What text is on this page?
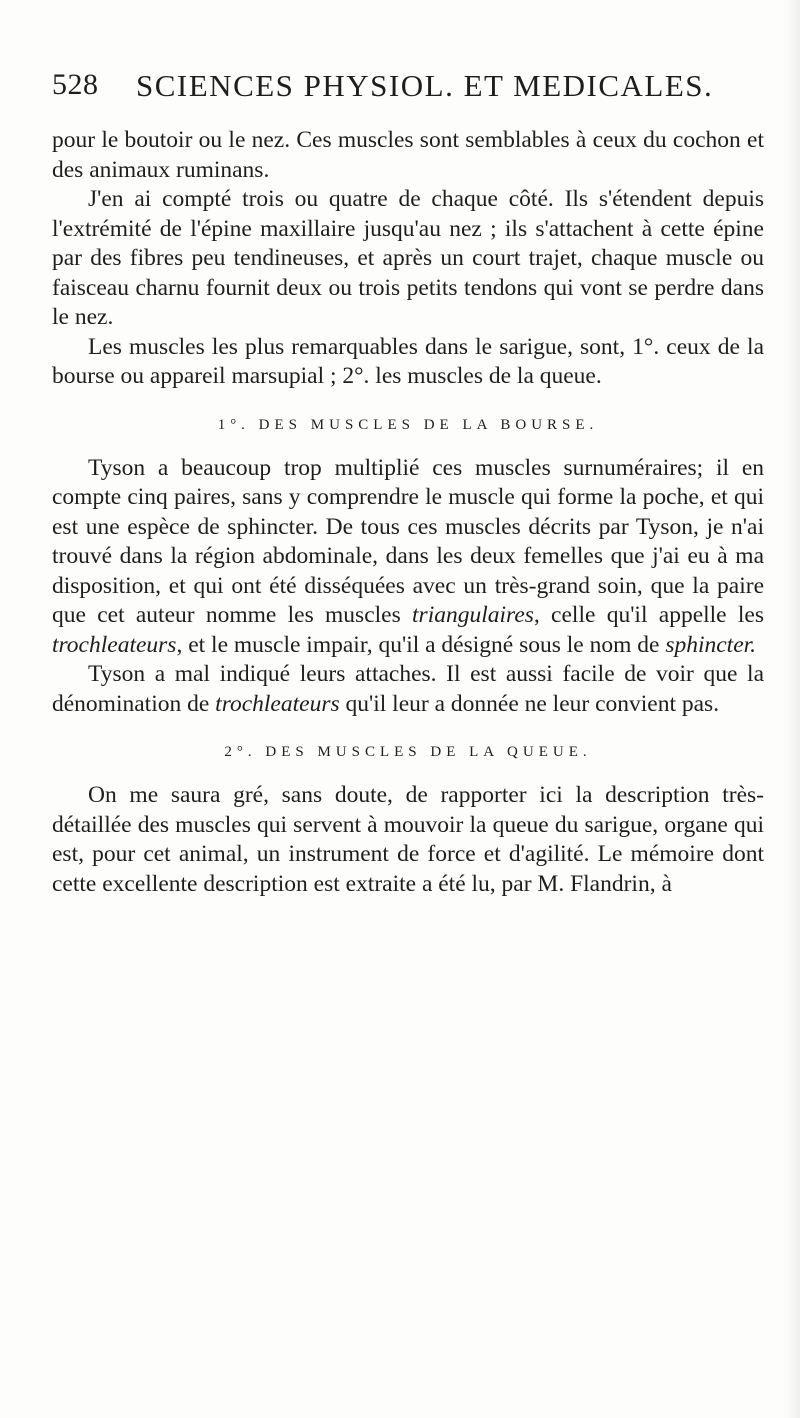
528 SCIENCES PHYSIOL. ET MEDICALES.

pour le boutoir ou le nez. Ces muscles sont semblables à ceux du cochon et des animaux ruminans.

J'en ai compté trois ou quatre de chaque côté. Ils s'étendent depuis l'extrémité de l'épine maxillaire jusqu'au nez ; ils s'attachent à cette épine par des fibres peu tendineuses, et après un court trajet, chaque muscle ou faisceau charnu fournit deux ou trois petits tendons qui vont se perdre dans le nez.

Les muscles les plus remarquables dans le sarigue, sont, 1°. ceux de la bourse ou appareil marsupial ; 2°. les muscles de la queue.

1°. DES MUSCLES DE LA BOURSE.

Tyson a beaucoup trop multiplié ces muscles surnuméraires; il en compte cinq paires, sans y comprendre le muscle qui forme la poche, et qui est une espèce de sphincter. De tous ces muscles décrits par Tyson, je n'ai trouvé dans la région abdominale, dans les deux femelles que j'ai eu à ma disposition, et qui ont été disséquées avec un très-grand soin, que la paire que cet auteur nomme les muscles triangulaires, celle qu'il appelle les trochleateurs, et le muscle impair, qu'il a désigné sous le nom de sphincter.

Tyson a mal indiqué leurs attaches. Il est aussi facile de voir que la dénomination de trochleateurs qu'il leur a donnée ne leur convient pas.

2°. DES MUSCLES DE LA QUEUE.

On me saura gré, sans doute, de rapporter ici la description très-détaillée des muscles qui servent à mouvoir la queue du sarigue, organe qui est, pour cet animal, un instrument de force et d'agilité. Le mémoire dont cette excellente description est extraite a été lu, par M. Flandrin, à
